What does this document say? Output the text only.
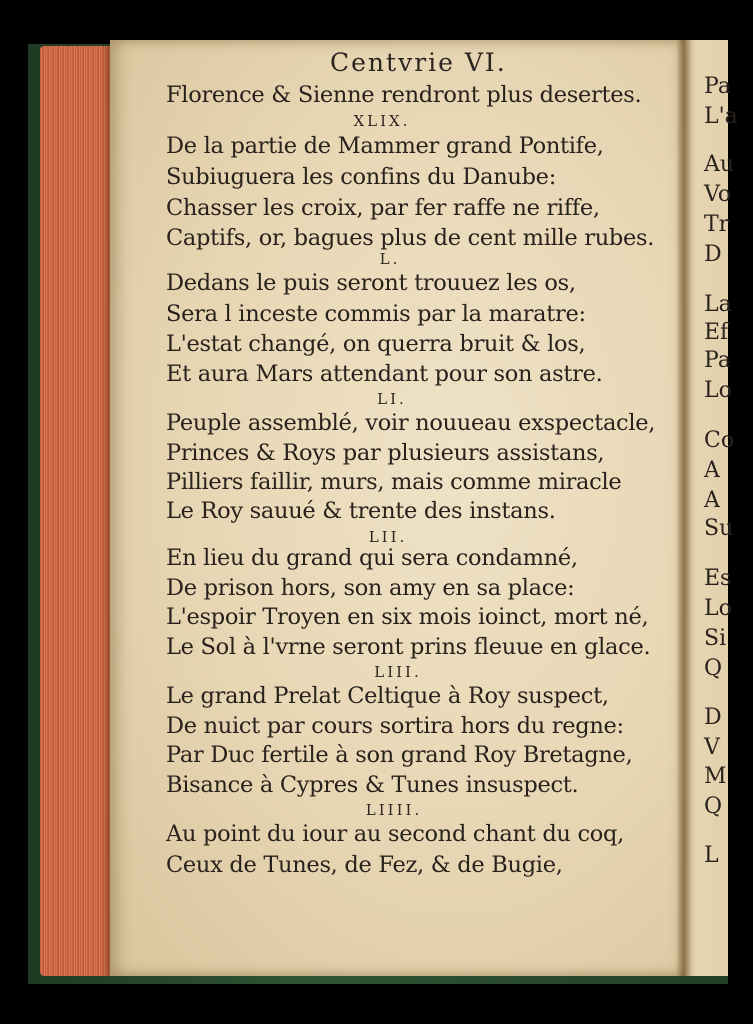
Centvrie VI.
Florence & Sienne rendront plus desertes.
XLIX.
De la partie de Mammer grand Pontife,
Subiuguera les confins du Danube:
Chasser les croix, par fer raffe ne riffe,
Captifs, or, bagues plus de cent mille rubes.
L.
Dedans le puis seront trouuez les os,
Sera l inceste commis par la maratre:
L'estat changé, on querra bruit & los,
Et aura Mars attendant pour son astre.
LI.
Peuple assemblé, voir nouueau exspectacle,
Princes & Roys par plusieurs assistans,
Pilliers faillir, murs, mais comme miracle
Le Roy sauué & trente des instans.
LII.
En lieu du grand qui sera condamné,
De prison hors, son amy en sa place:
L'espoir Troyen en six mois ioinct, mort né,
Le Sol à l'vrne seront prins fleuue en glace.
LIII.
Le grand Prelat Celtique à Roy suspect,
De nuict par cours sortira hors du regne:
Par Duc fertile à son grand Roy Bretagne,
Bisance à Cypres & Tunes insuspect.
LIIII.
Au point du iour au second chant du coq,
Ceux de Tunes, de Fez, & de Bugie,
Pa
L'a
Au
Vo
Tr
D
La
Ef
Pa
Lo
Co
A
A
Su
Es
Lo
Si
Q
D
V
M
Q
L
